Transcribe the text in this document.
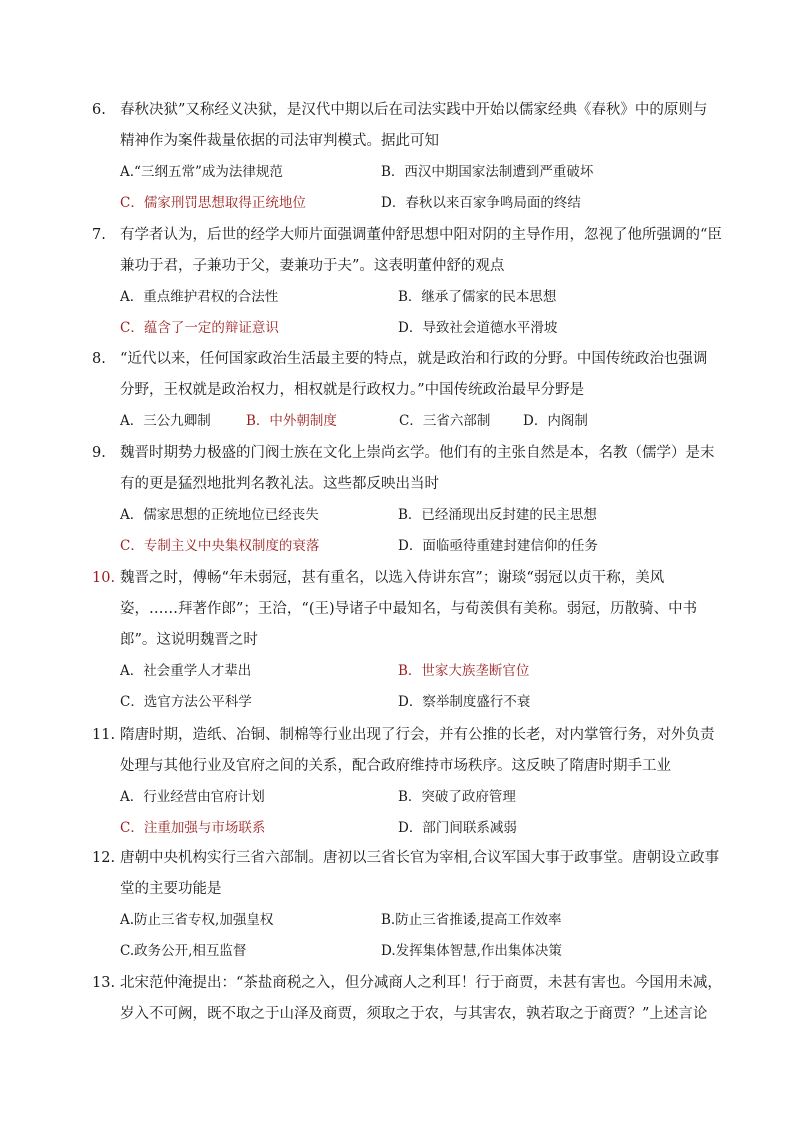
6. 春秋决狱”又称经义决狱，是汉代中期以后在司法实践中开始以儒家经典《春秋》中的原则与
精神作为案件裁量依据的司法审判模式。据此可知
A.“三纲五常”成为法律规范	B．西汉中期国家法制遭到严重破坏
C．儒家刑罚思想取得正统地位	D．春秋以来百家争鸣局面的终结
7. 有学者认为，后世的经学大师片面强调董仲舒思想中阳对阴的主导作用，忽视了他所强调的“臣
兼功于君，子兼功于父，妻兼功于夫”。这表明董仲舒的观点
A．重点维护君权的合法性	B．继承了儒家的民本思想
C．蕴含了一定的辩证意识	D．导致社会道德水平滑坡
8. “近代以来，任何国家政治生活最主要的特点，就是政治和行政的分野。中国传统政治也强调
分野，王权就是政治权力，相权就是行政权力。”中国传统政治最早分野是
A．三公九卿制	B．中外朝制度	C．三省六部制	D．内阁制
9. 魏晋时期势力极盛的门阀士族在文化上崇尚玄学。他们有的主张自然是本，名教（儒学）是末
有的更是猛烈地批判名教礼法。这些都反映出当时
A．儒家思想的正统地位已经丧失	B．已经涌现出反封建的民主思想
C．专制主义中央集权制度的衰落	D．面临亟待重建封建信仰的任务
10. 魏晋之时，傅畅“年未弱冠，甚有重名，以选入侍讲东宫”；谢琰“弱冠以贞干称，美风
姿，……拜著作郎”；王洽，“(王)导诸子中最知名，与荀羡俱有美称。弱冠，历散骑、中书
郎”。这说明魏晋之时
A．社会重学人才辈出	B．世家大族垄断官位
C．选官方法公平科学	D．察举制度盛行不衰
11. 隋唐时期，造纸、冶铜、制棉等行业出现了行会，并有公推的长老，对内掌管行务，对外负责
处理与其他行业及官府之间的关系，配合政府维持市场秩序。这反映了隋唐时期手工业
A．行业经营由官府计划	B．突破了政府管理
C．注重加强与市场联系	D．部门间联系减弱
12. 唐朝中央机构实行三省六部制。唐初以三省长官为宰相,合议军国大事于政事堂。唐朝设立政事
堂的主要功能是
A.防止三省专权,加强皇权	B.防止三省推诿,提高工作效率
C.政务公开,相互监督	D.发挥集体智慧,作出集体决策
13. 北宋范仲淹提出：“茶盐商税之入，但分减商人之利耳！行于商贾，未甚有害也。今国用未减，
岁入不可阙，既不取之于山泽及商贾，须取之于农，与其害农，孰若取之于商贾？”上述言论
